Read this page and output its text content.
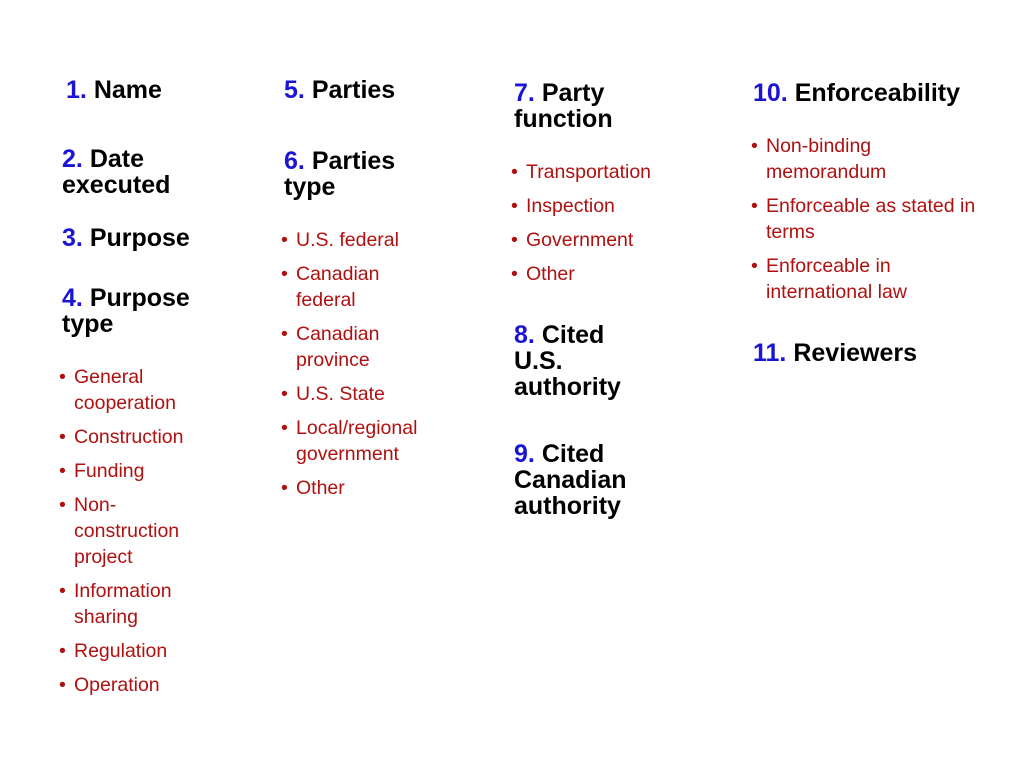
1. Name
2. Date
executed
3. Purpose
4. Purpose
type
• General
cooperation
• Construction
• Funding
• Non-
construction
project
• Information
sharing
• Regulation
• Operation
5. Parties
6. Parties
type
• U.S. federal
• Canadian
federal
• Canadian
province
• U.S. State
• Local/regional
government
• Other
7. Party
function
• Transportation
• Inspection
• Government
• Other
8. Cited
U.S.
authority
9. Cited
Canadian
authority
10. Enforceability
• Non-binding
memorandum
• Enforceable as stated in
terms
• Enforceable in
international law
11. Reviewers
